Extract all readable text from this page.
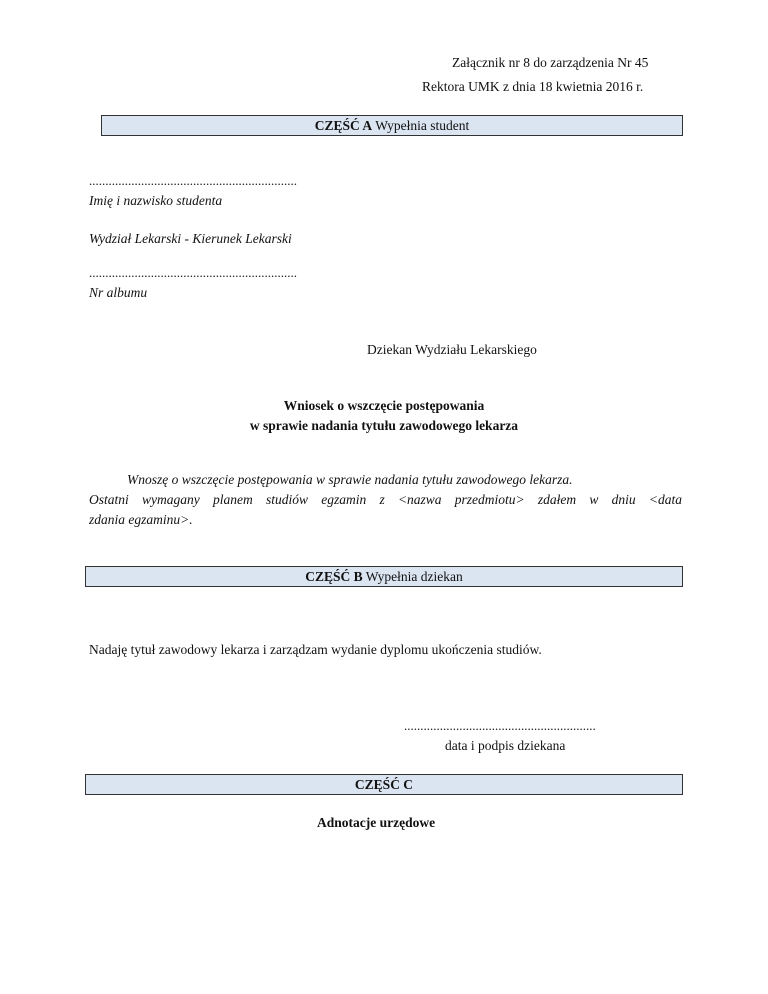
Załącznik nr 8 do zarządzenia Nr 45
Rektora UMK z dnia 18 kwietnia 2016 r.
CZĘŚĆ A Wypełnia student
................................................................
Imię i nazwisko studenta
Wydział Lekarski - Kierunek Lekarski
................................................................
Nr albumu
Dziekan Wydziału Lekarskiego
Wniosek o wszczęcie postępowania
w sprawie nadania tytułu zawodowego lekarza
Wnoszę o wszczęcie postępowania w sprawie nadania tytułu zawodowego lekarza.
Ostatni wymagany planem studiów egzamin z <nazwa przedmiotu> zdałem w dniu <data
zdania egzaminu>.
CZĘŚĆ B Wypełnia dziekan
Nadaję tytuł zawodowy lekarza i zarządzam wydanie dyplomu ukończenia studiów.
...........................................................
data i podpis dziekana
CZĘŚĆ C
Adnotacje urzędowe
